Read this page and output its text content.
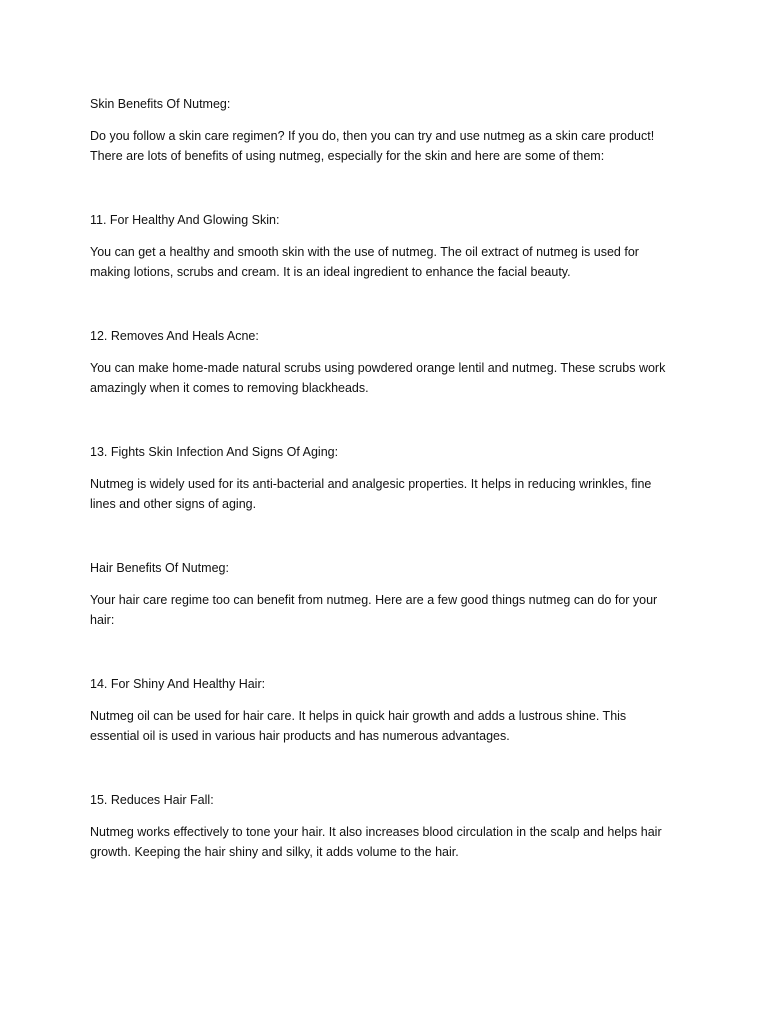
Skin Benefits Of Nutmeg:

Do you follow a skin care regimen? If you do, then you can try and use nutmeg as a skin care product!

There are lots of benefits of using nutmeg, especially for the skin and here are some of them:

11. For Healthy And Glowing Skin:

You can get a healthy and smooth skin with the use of nutmeg. The oil extract of nutmeg is used for

making lotions, scrubs and cream. It is an ideal ingredient to enhance the facial beauty.

12. Removes And Heals Acne:

You can make home-made natural scrubs using powdered orange lentil and nutmeg. These scrubs work

amazingly when it comes to removing blackheads.

13. Fights Skin Infection And Signs Of Aging:

Nutmeg is widely used for its anti-bacterial and analgesic properties. It helps in reducing wrinkles, fine

lines and other signs of aging.

Hair Benefits Of Nutmeg:

Your hair care regime too can benefit from nutmeg. Here are a few good things nutmeg can do for your

hair:

14. For Shiny And Healthy Hair:

Nutmeg oil can be used for hair care. It helps in quick hair growth and adds a lustrous shine. This

essential oil is used in various hair products and has numerous advantages.

15. Reduces Hair Fall:

Nutmeg works effectively to tone your hair. It also increases blood circulation in the scalp and helps hair

growth. Keeping the hair shiny and silky, it adds volume to the hair.
